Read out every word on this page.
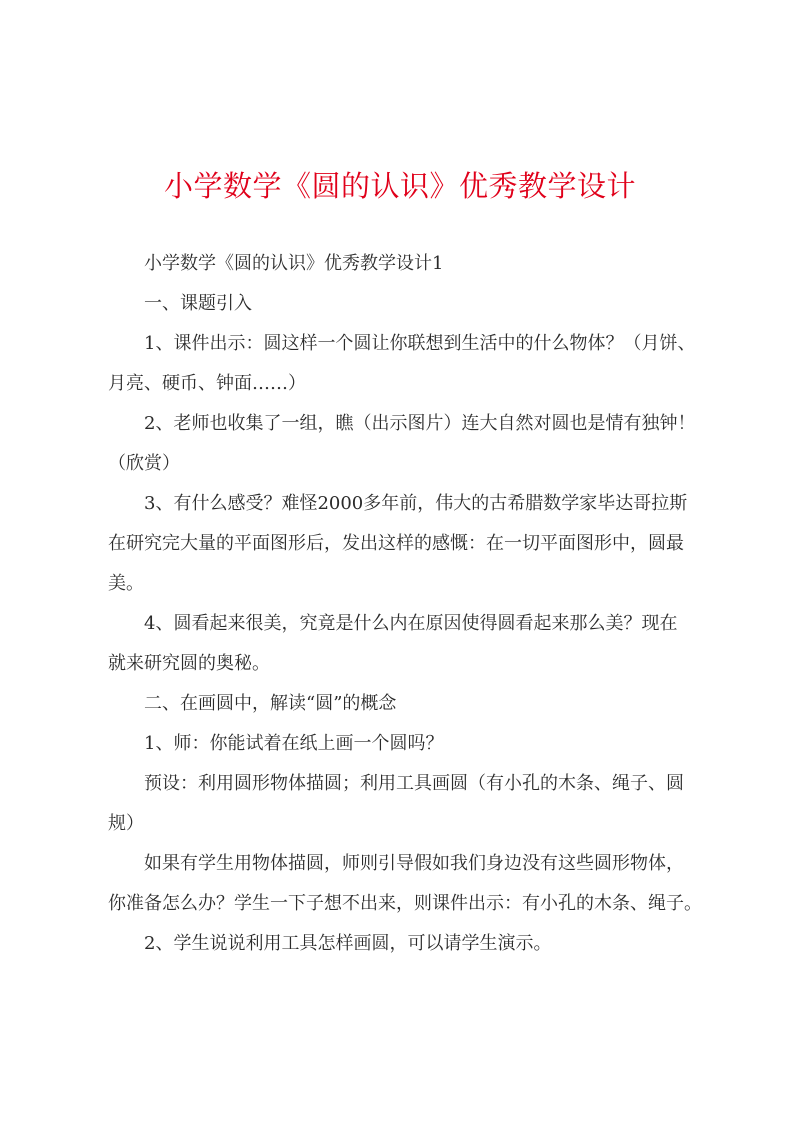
小学数学《圆的认识》优秀教学设计
小学数学《圆的认识》优秀教学设计1
一、课题引入
1、课件出示：圆这样一个圆让你联想到生活中的什么物体？（月饼、
月亮、硬币、钟面……）
2、老师也收集了一组，瞧（出示图片）连大自然对圆也是情有独钟！
（欣赏）
3、有什么感受？难怪2000多年前，伟大的古希腊数学家毕达哥拉斯
在研究完大量的平面图形后，发出这样的感慨：在一切平面图形中，圆最
美。
4、圆看起来很美，究竟是什么内在原因使得圆看起来那么美？现在
就来研究圆的奥秘。
二、在画圆中，解读“圆”的概念
1、师：你能试着在纸上画一个圆吗？
预设：利用圆形物体描圆；利用工具画圆（有小孔的木条、绳子、圆
规）
如果有学生用物体描圆，师则引导假如我们身边没有这些圆形物体，
你准备怎么办？学生一下子想不出来，则课件出示：有小孔的木条、绳子。
2、学生说说利用工具怎样画圆，可以请学生演示。
